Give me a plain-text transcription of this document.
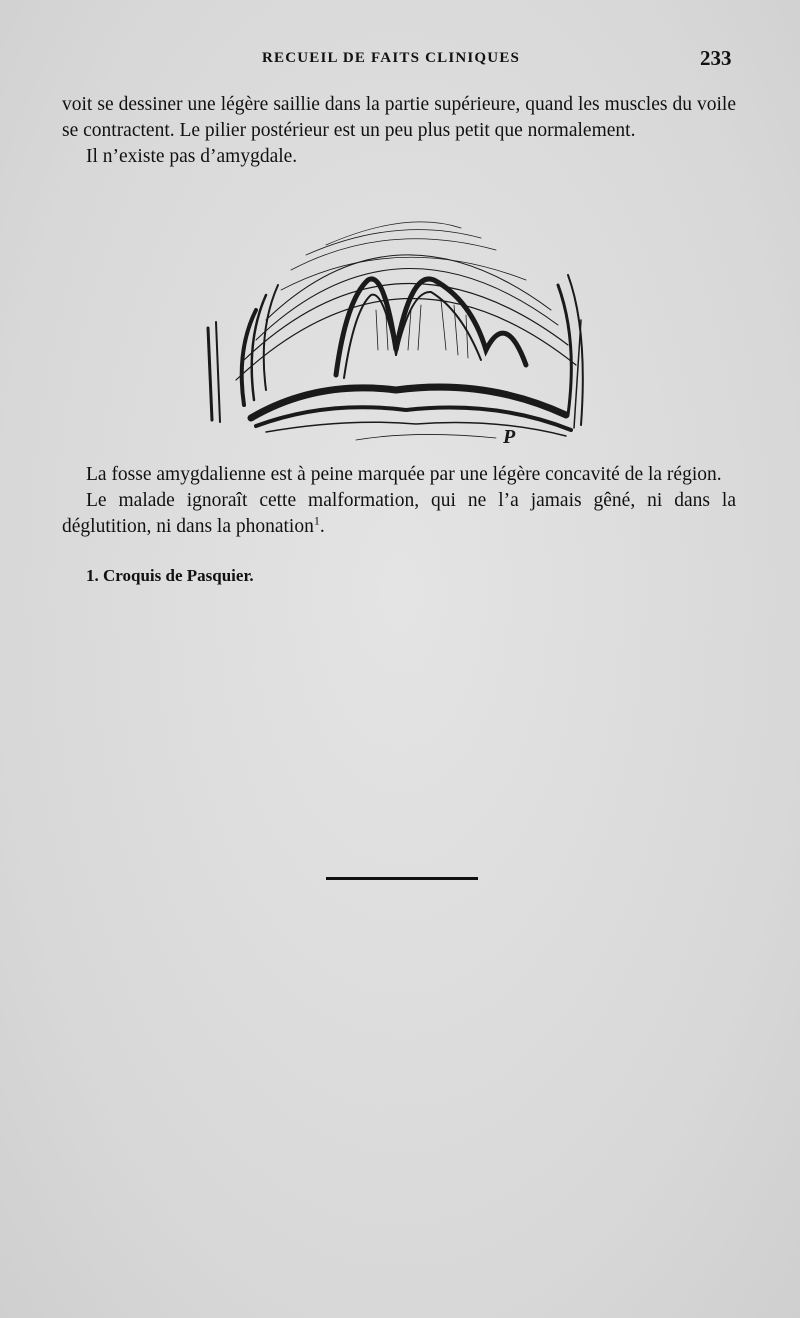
RECUEIL DE FAITS CLINIQUES	233

voit se dessiner une légère saillie dans la partie supérieure, quand les muscles du voile se contractent. Le pilier postérieur est un peu plus petit que normalement.

Il n’existe pas d’amygdale.

P

La fosse amygdalienne est à peine marquée par une légère concavité de la région.

Le malade ignoraît cette malformation, qui ne l’a jamais gêné, ni dans la déglutition, ni dans la phonation$^1$.

1. Croquis de Pasquier.
